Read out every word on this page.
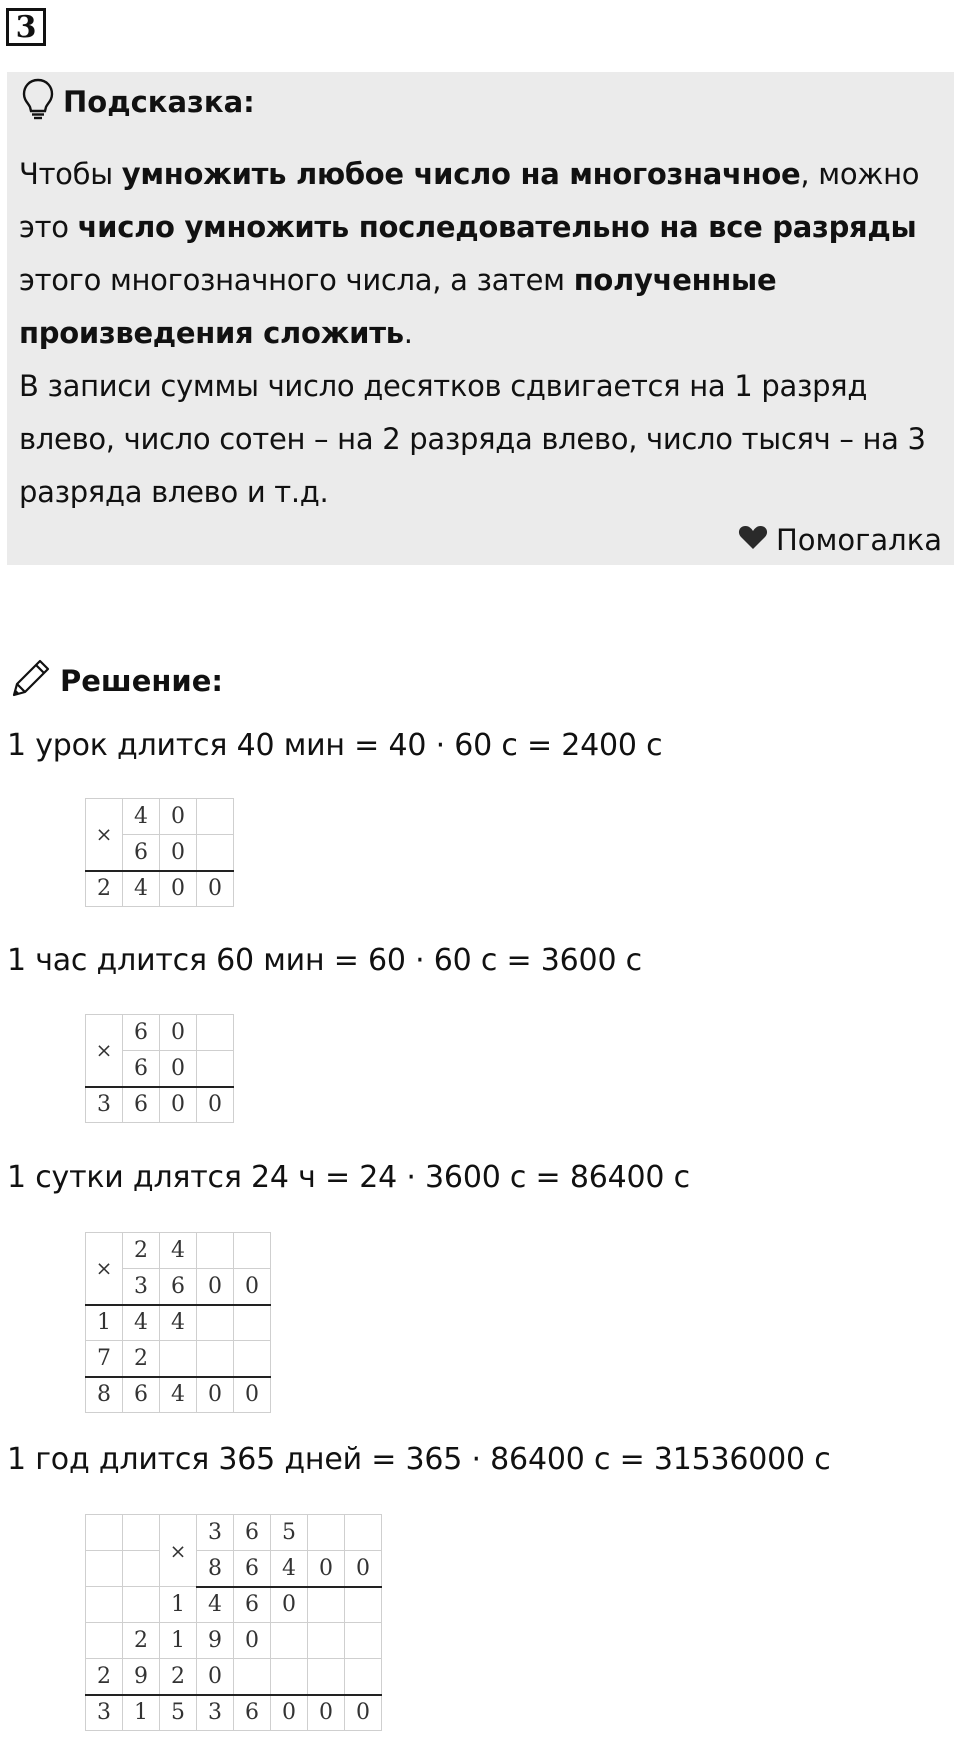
3
Подсказка:

Чтобы умножить любое число на многозначное, можно это число умножить последовательно на все разряды этого многозначного числа, а затем полученные произведения сложить.

В записи суммы число десятков сдвигается на 1 разряд влево, число сотен – на 2 разряда влево, число тысяч – на 3 разряда влево и т.д.

Помогалка
Решение:
1 урок длится 40 мин = 40 · 60 с = 2400 с
×	4	0	
	6	0	
2	4	0	0
1 час длится 60 мин = 60 · 60 с = 3600 с
×	6	0	
	6	0	
3	6	0	0
1 сутки длятся 24 ч = 24 · 3600 с = 86400 с
×	2	4		
	3	6	0	0
1	4	4		
7	2			
8	6	4	0	0
1 год длится 365 дней = 365 · 86400 с = 31536000 с
		×	3	6	5		
			8	6	4	0	0
		1	4	6	0		
	2	1	9	0			
2	9	2	0				
3	1	5	3	6	0	0	0
